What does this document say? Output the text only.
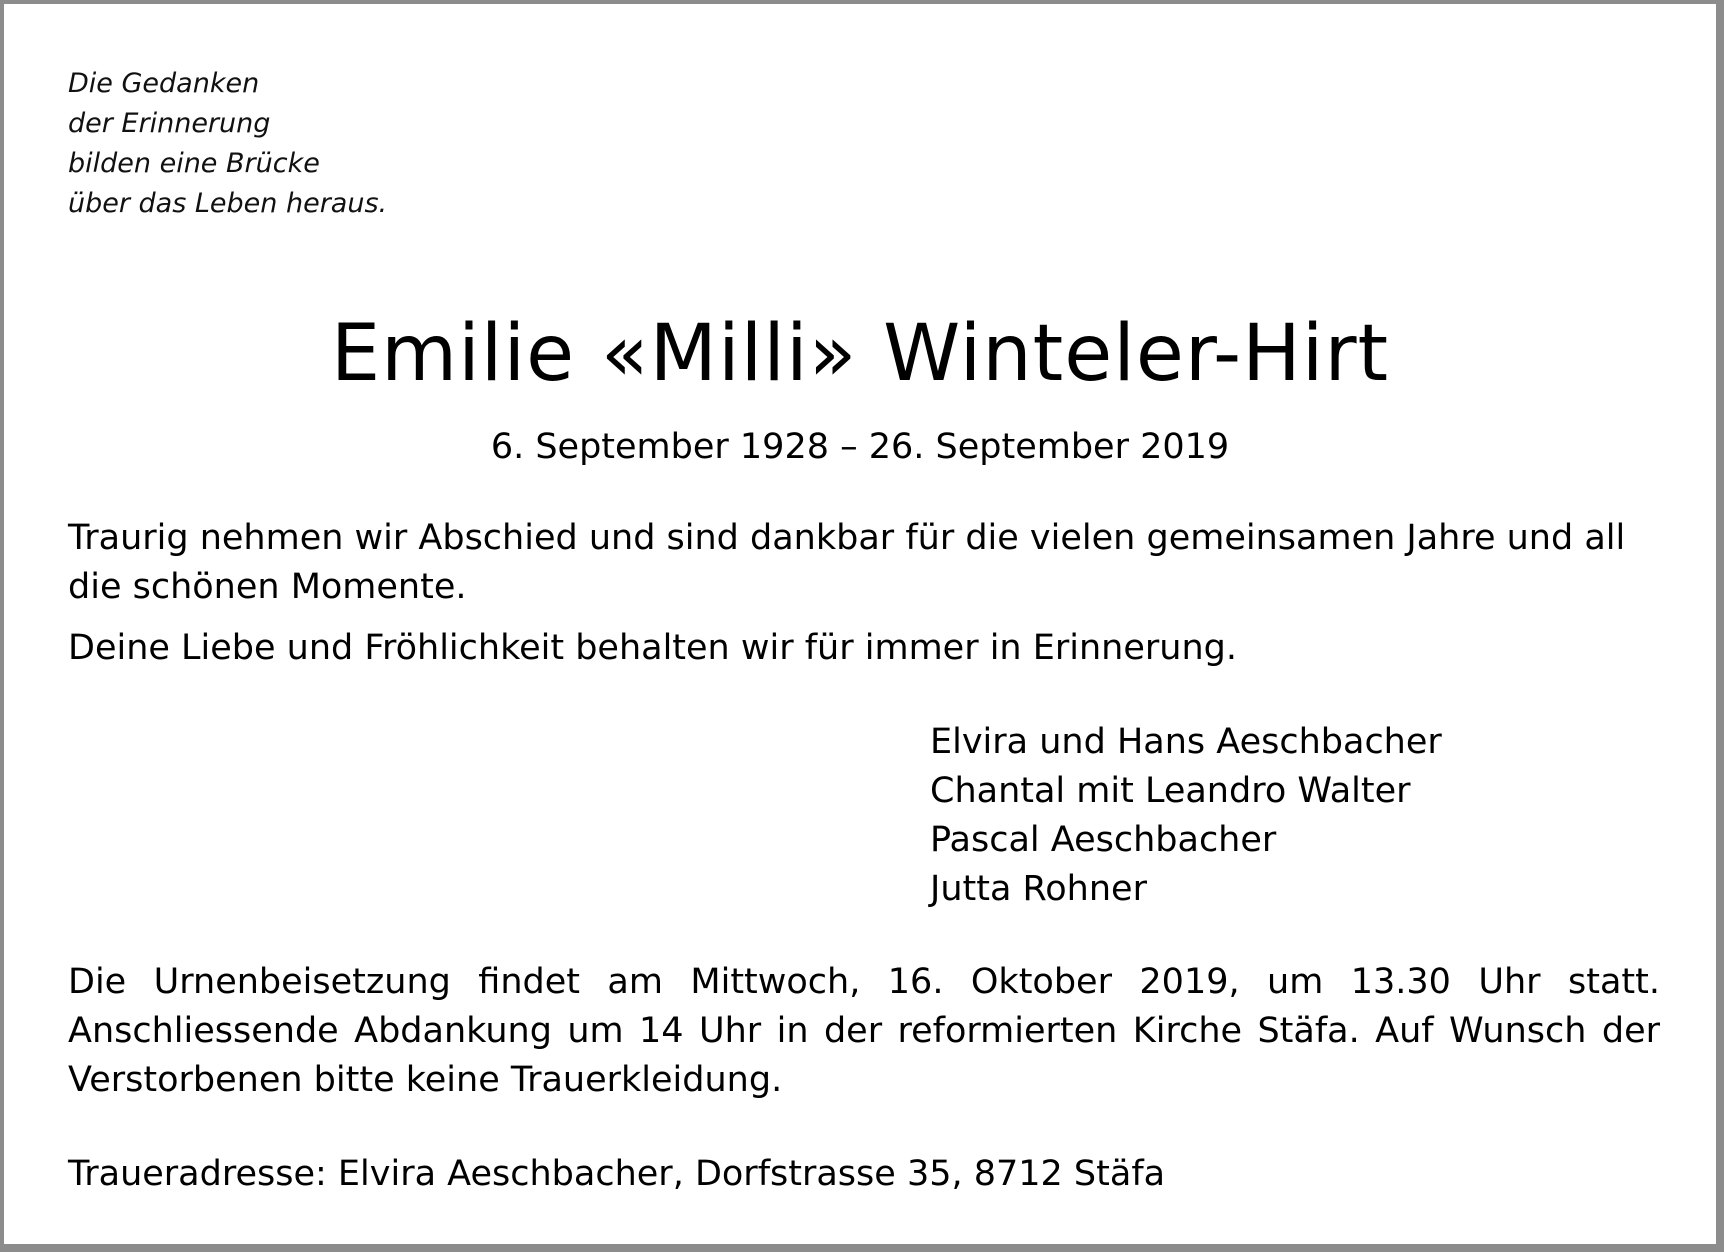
Die Gedanken
der Erinnerung
bilden eine Brücke
über das Leben heraus.
Emilie «Milli» Winteler-Hirt
6. September 1928 – 26. September 2019
Traurig nehmen wir Abschied und sind dankbar für die vielen gemeinsamen Jahre und all die schönen Momente.
Deine Liebe und Fröhlichkeit behalten wir für immer in Erinnerung.
Elvira und Hans Aeschbacher
Chantal mit Leandro Walter
Pascal Aeschbacher
Jutta Rohner
Die Urnenbeisetzung findet am Mittwoch, 16. Oktober 2019, um 13.30 Uhr statt. Anschliessende Abdankung um 14 Uhr in der reformierten Kirche Stäfa. Auf Wunsch der Verstorbenen bitte keine Trauerkleidung.
Traueradresse: Elvira Aeschbacher, Dorfstrasse 35, 8712 Stäfa
